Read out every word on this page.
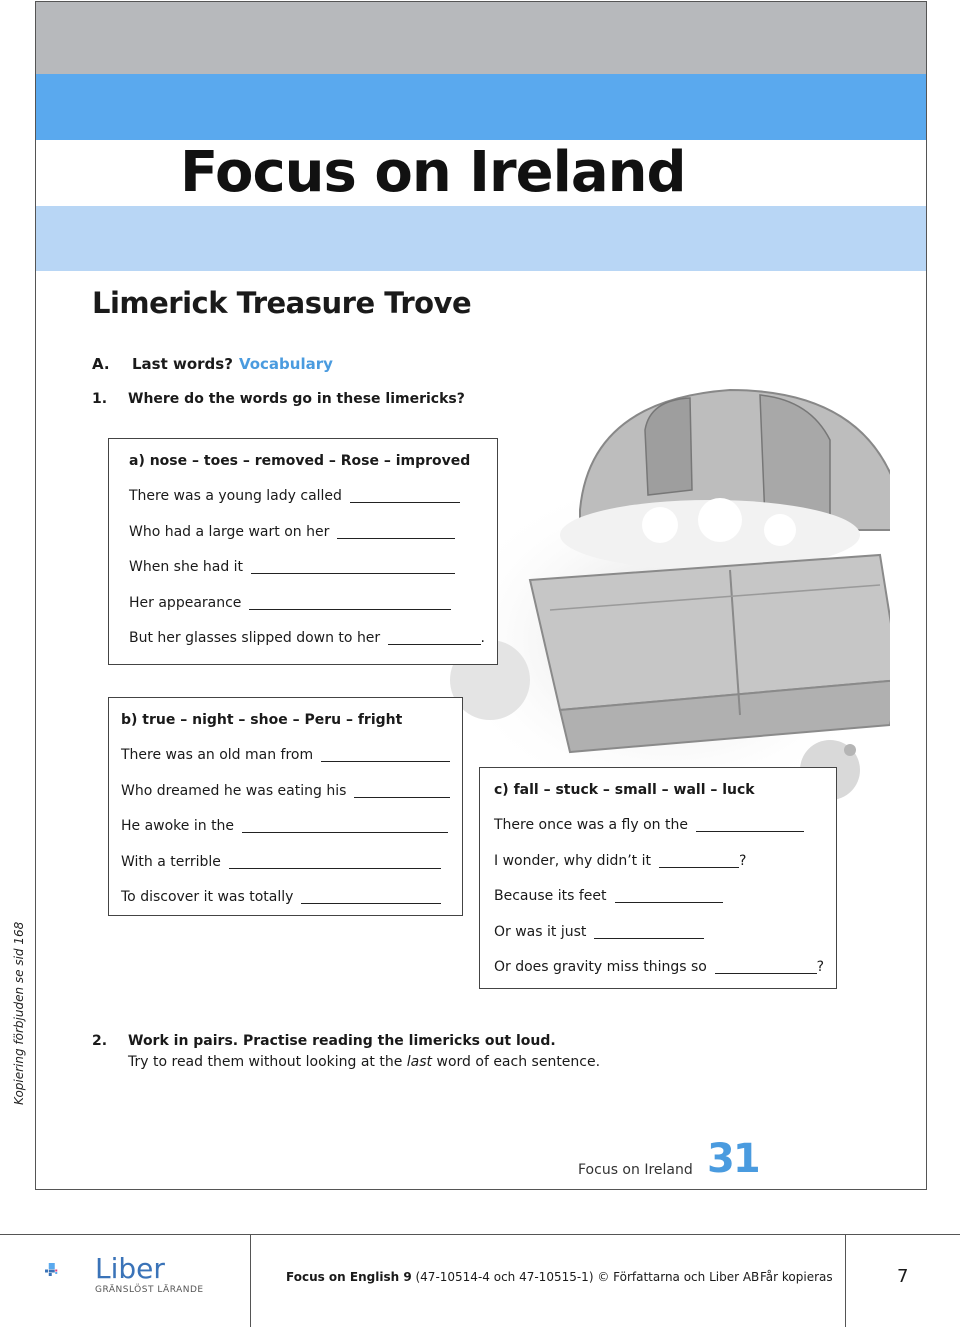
Focus on Ireland
Limerick Treasure Trove
A. Last words? Vocabulary
1. Where do the words go in these limericks?
a) nose – toes – removed – Rose – improved
There was a young lady called
Who had a large wart on her
When she had it
Her appearance
But her glasses slipped down to her	.
b) true – night – shoe – Peru – fright
There was an old man from
Who dreamed he was eating his
He awoke in the
With a terrible
To discover it was totally
c) fall – stuck – small – wall – luck
There once was a fly on the
I wonder, why didn’t it	?
Because its feet
Or was it just
Or does gravity miss things so	?
2. Work in pairs. Practise reading the limericks out loud.
Try to read them without looking at the last word of each sentence.
Kopiering förbjuden se sid 168
Focus on Ireland 31
Liber
GRÄNSLÖST LÄRANDE
Focus on English 9 (47-10514-4 och 47-10515-1) © Författarna och Liber AB Får kopieras	7
